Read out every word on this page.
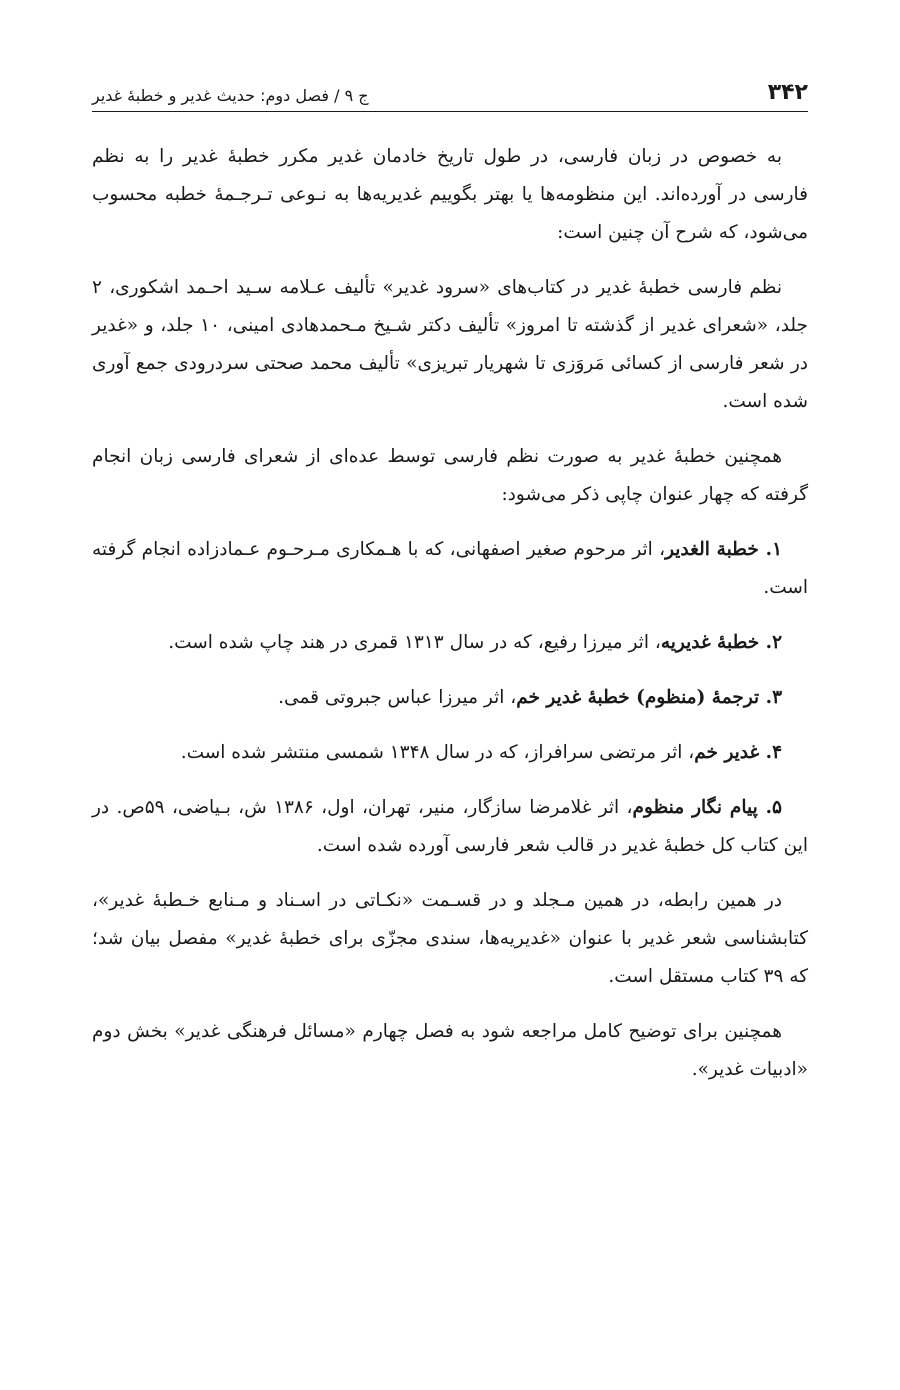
۳۴۲
ج ۹ / فصل دوم: حدیث غدیر و خطبهٔ غدیر

به خصوص در زبان فارسی، در طول تاریخ خادمان غدیر مکرر خطبهٔ غدیر را به نظم فارسی در آورده‌اند. این منظومه‌ها یا بهتر بگوییم غدیریه‌ها به نـوعی تـرجـمهٔ خطبه محسوب می‌شود، که شرح آن چنین است:

نظم فارسی خطبهٔ غدیر در کتاب‌های «سرود غدیر» تألیف عـلامه سـید احـمد اشکوری، ۲ جلد، «شعرای غدیر از گذشته تا امروز» تألیف دکتر شـیخ مـحمدهادی امینی، ۱۰ جلد، و «غدیر در شعر فارسی از کسائی مَروَزی تا شهریار تبریزی» تألیف محمد صحتی سردرودی جمع آوری شده است.

همچنین خطبهٔ غدیر به صورت نظم فارسی توسط عده‌ای از شعرای فارسی زبان انجام گرفته که چهار عنوان چاپی ذکر می‌شود:

۱. خطبة الغدیر، اثر مرحوم صغیر اصفهانی، که با هـمکاری مـرحـوم عـمادزاده انجام گرفته است.

۲. خطبهٔ غدیریه، اثر میرزا رفیع، که در سال ۱۳۱۳ قمری در هند چاپ شده است.

۳. ترجمهٔ (منظوم) خطبهٔ غدیر خم، اثر میرزا عباس جبروتی قمی.

۴. غدیر خم، اثر مرتضی سرافراز، که در سال ۱۳۴۸ شمسی منتشر شده است.

۵. پیام نگار منظوم، اثر غلامرضا سازگار، منیر، تهران، اول، ۱۳۸۶ ش، بـیاضی، ۵۹ص. در این کتاب کل خطبهٔ غدیر در قالب شعر فارسی آورده شده است.

در همین رابطه، در همین مـجلد و در قسـمت «نکـاتی در اسـناد و مـنابع خـطبهٔ غدیر»، کتابشناسی شعر غدیر با عنوان «غدیریه‌ها، سندی مجزّی برای خطبهٔ غدیر» مفصل بیان شد؛ که ۳۹ کتاب مستقل است.

همچنین برای توضیح کامل مراجعه شود به فصل چهارم «مسائل فرهنگی غدیر» بخش دوم «ادبیات غدیر».
